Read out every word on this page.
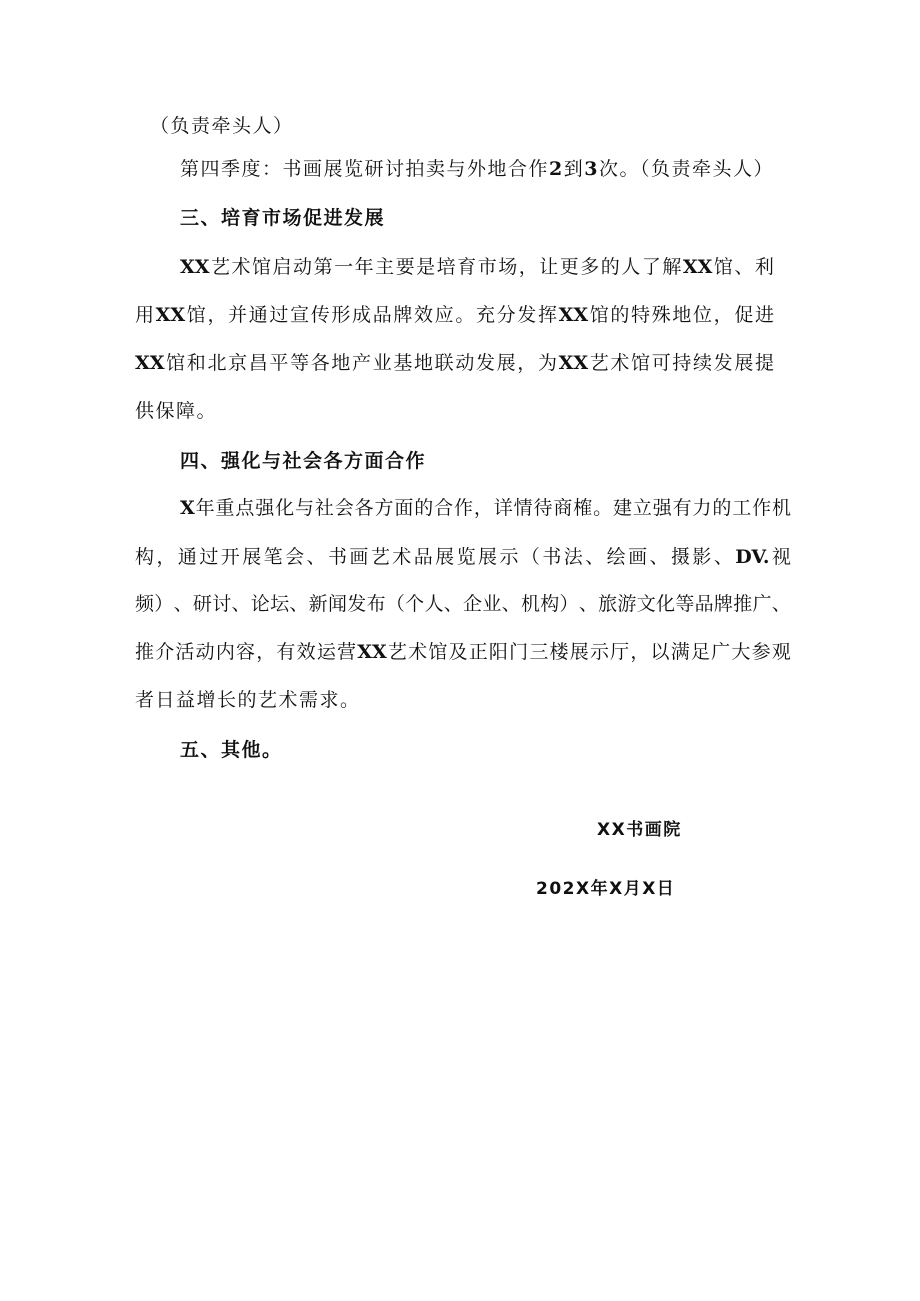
（负责牵头人）
第四季度：书画展览研讨拍卖与外地合作2到3次。（负责牵头人）
三、培育市场促进发展
XX 艺 术 馆 启 动 第 一 年 主 要 是 培 育 市 场 ， 让 更 多 的 人 了 解 XX 馆 、 利
用 XX 馆 ， 并 通 过 宣 传 形 成 品 牌 效 应 。 充 分 发 挥 XX 馆 的 特 殊 地 位 ， 促 进
XX 馆 和 北 京 昌 平 等 各 地 产 业 基 地 联 动 发 展 ， 为 XX 艺 术 馆 可 持 续 发 展 提
供保障。
四、强化与社会各方面合作
X 年 重 点 强 化 与 社 会 各 方 面 的 合 作 ， 详 情 待 商 榷 。 建 立 强 有 力 的 工 作 机
构 ， 通 过 开 展 笔 会 、 书 画 艺 术 品 展 览 展 示 （ 书 法 、 绘 画 、 摄 影 、 DV. 视
频 ） 、 研 讨 、 论 坛 、 新 闻 发 布 （ 个 人 、 企 业 、 机 构 ） 、 旅 游 文 化 等 品 牌 推 广 、
推 介 活 动 内 容 ， 有 效 运 营 XX 艺 术 馆 及 正 阳 门 三 楼 展 示 厅 ， 以 满 足 广 大 参 观
者日益增长的艺术需求。
五、其他。
XX书画院
202X年X月X日
